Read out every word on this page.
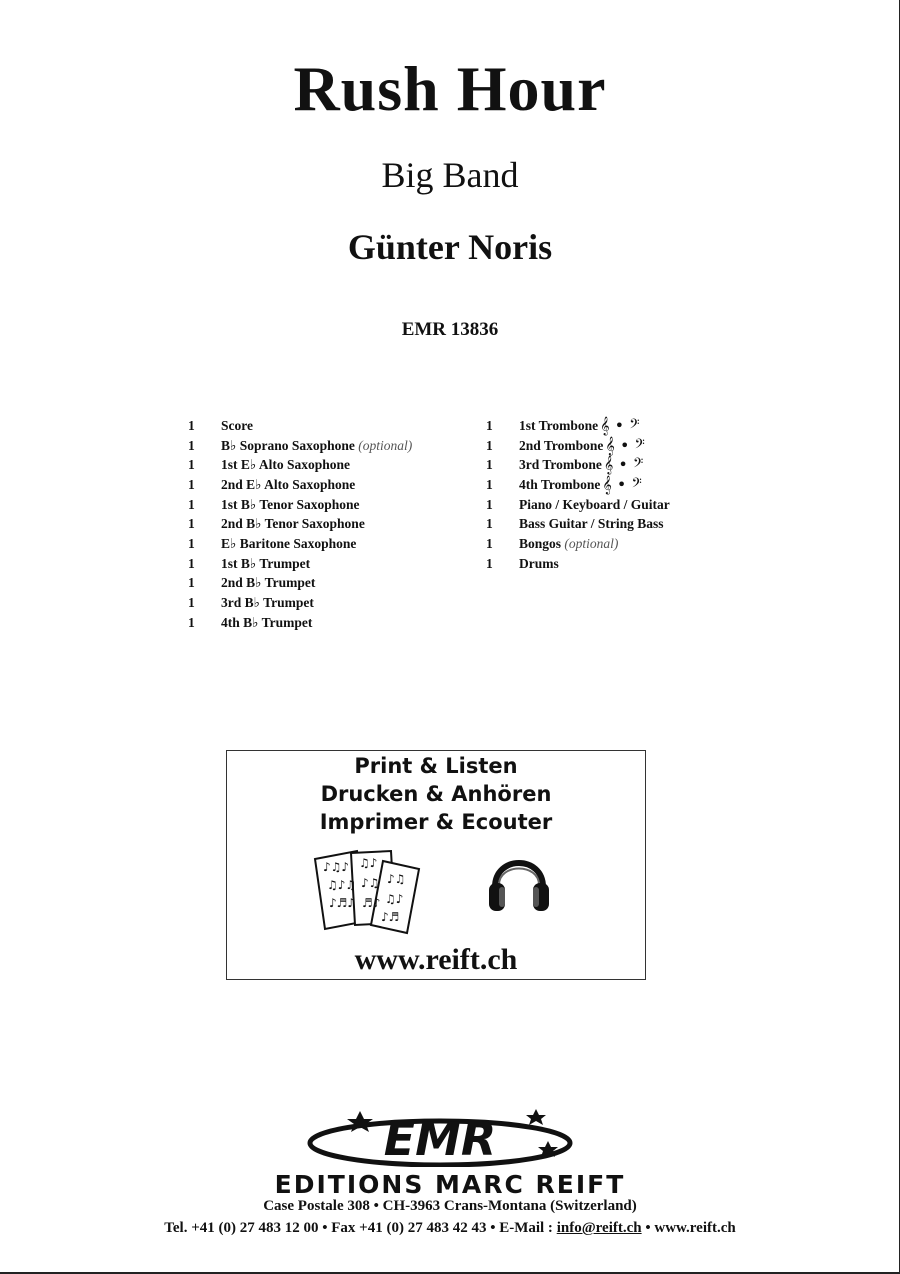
Rush Hour
Big Band
Günter Noris
EMR 13836
1	Score
1	B♭ Soprano Saxophone
(optional)
1	1st E♭ Alto Saxophone
1	2nd E♭ Alto Saxophone
1	1st B♭ Tenor Saxophone
1	2nd B♭ Tenor Saxophone
1	E♭ Baritone Saxophone
1	1st B♭ Trumpet
1	2nd B♭ Trumpet
1	3rd B♭ Trumpet
1	4th B♭ Trumpet
1	1st Trombone 𝄞 • 𝄢
1	2nd Trombone 𝄞 • 𝄢
1	3rd Trombone 𝄞 • 𝄢
1	4th Trombone 𝄞 • 𝄢
1	Piano / Keyboard / Guitar
1	Bass Guitar / String Bass
1	Bongos
(optional)
1	Drums
Print & Listen
Drucken & Anhören
Imprimer & Ecouter
♪♫♪
♫♪♫
♪♬♪
♫♪
♪♫
♬♪
♪♫
♫♪
♪♬
www.reift.ch
EMR
EDITIONS MARC REIFT
Case Postale 308 • CH-3963 Crans-Montana (Switzerland)
Tel. +41 (0) 27 483 12 00 • Fax +41 (0) 27 483 42 43 • E-Mail : info@reift.ch • www.reift.ch
